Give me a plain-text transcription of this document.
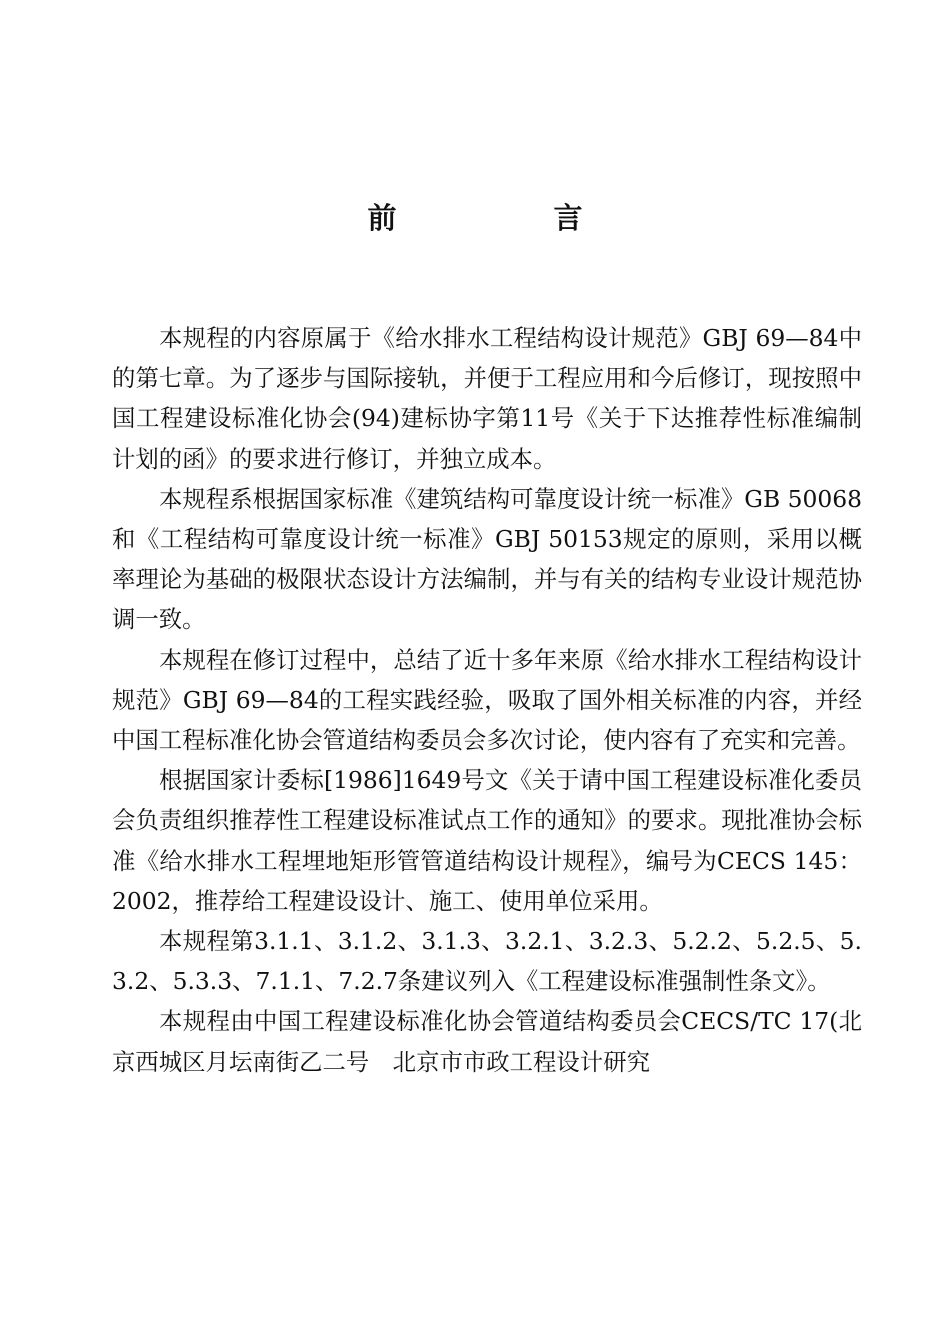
前　言

本规程的内容原属于《给水排水工程结构设计规范》GBJ 69—84中的第七章。为了逐步与国际接轨，并便于工程应用和今后修订，现按照中国工程建设标准化协会(94)建标协字第11号《关于下达推荐性标准编制计划的函》的要求进行修订，并独立成本。

本规程系根据国家标准《建筑结构可靠度设计统一标准》GB 50068和《工程结构可靠度设计统一标准》GBJ 50153规定的原则，采用以概率理论为基础的极限状态设计方法编制，并与有关的结构专业设计规范协调一致。

本规程在修订过程中，总结了近十多年来原《给水排水工程结构设计规范》GBJ 69—84的工程实践经验，吸取了国外相关标准的内容，并经中国工程标准化协会管道结构委员会多次讨论，使内容有了充实和完善。

根据国家计委标[1986]1649号文《关于请中国工程建设标准化委员会负责组织推荐性工程建设标准试点工作的通知》的要求。现批准协会标准《给水排水工程埋地矩形管管道结构设计规程》，编号为CECS 145：2002，推荐给工程建设设计、施工、使用单位采用。

本规程第3.1.1、3.1.2、3.1.3、3.2.1、3.2.3、5.2.2、5.2.5、5.3.2、5.3.3、7.1.1、7.2.7条建议列入《工程建设标准强制性条文》。

本规程由中国工程建设标准化协会管道结构委员会CECS/TC 17(北京西城区月坛南街乙二号　北京市市政工程设计研究
